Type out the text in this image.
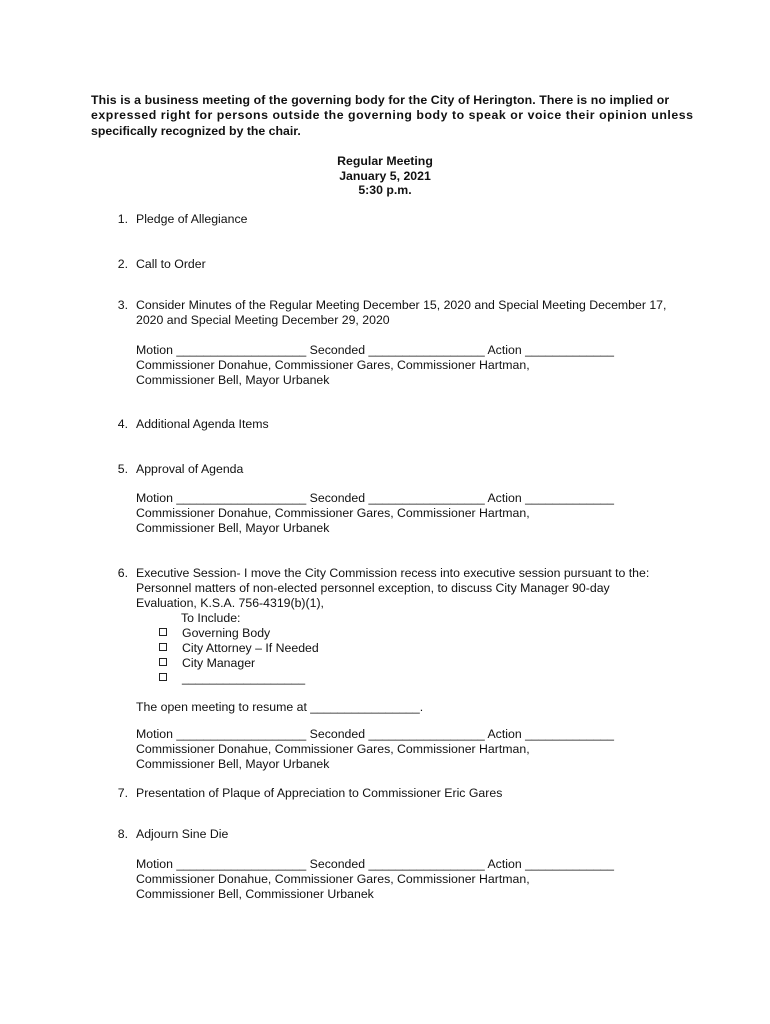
This is a business meeting of the governing body for the City of Herington. There is no implied or
expressed right for persons outside the governing body to speak or voice their opinion unless
specifically recognized by the chair.
Regular Meeting
January 5, 2021
5:30 p.m.
1. Pledge of Allegiance
2. Call to Order
3. Consider Minutes of the Regular Meeting December 15, 2020 and Special Meeting December 17,
2020 and Special Meeting December 29, 2020
Motion ___________________ Seconded _________________ Action _____________
Commissioner Donahue, Commissioner Gares, Commissioner Hartman,
Commissioner Bell, Mayor Urbanek
4. Additional Agenda Items
5. Approval of Agenda
Motion ___________________ Seconded _________________ Action _____________
Commissioner Donahue, Commissioner Gares, Commissioner Hartman,
Commissioner Bell, Mayor Urbanek
6. Executive Session- I move the City Commission recess into executive session pursuant to the:
Personnel matters of non-elected personnel exception, to discuss City Manager 90-day
Evaluation, K.S.A. 756-4319(b)(1),
To Include:
Governing Body
City Attorney – If Needed
City Manager
__________________
The open meeting to resume at ________________.
Motion ___________________ Seconded _________________ Action _____________
Commissioner Donahue, Commissioner Gares, Commissioner Hartman,
Commissioner Bell, Mayor Urbanek
7. Presentation of Plaque of Appreciation to Commissioner Eric Gares
8. Adjourn Sine Die
Motion ___________________ Seconded _________________ Action _____________
Commissioner Donahue, Commissioner Gares, Commissioner Hartman,
Commissioner Bell, Commissioner Urbanek
